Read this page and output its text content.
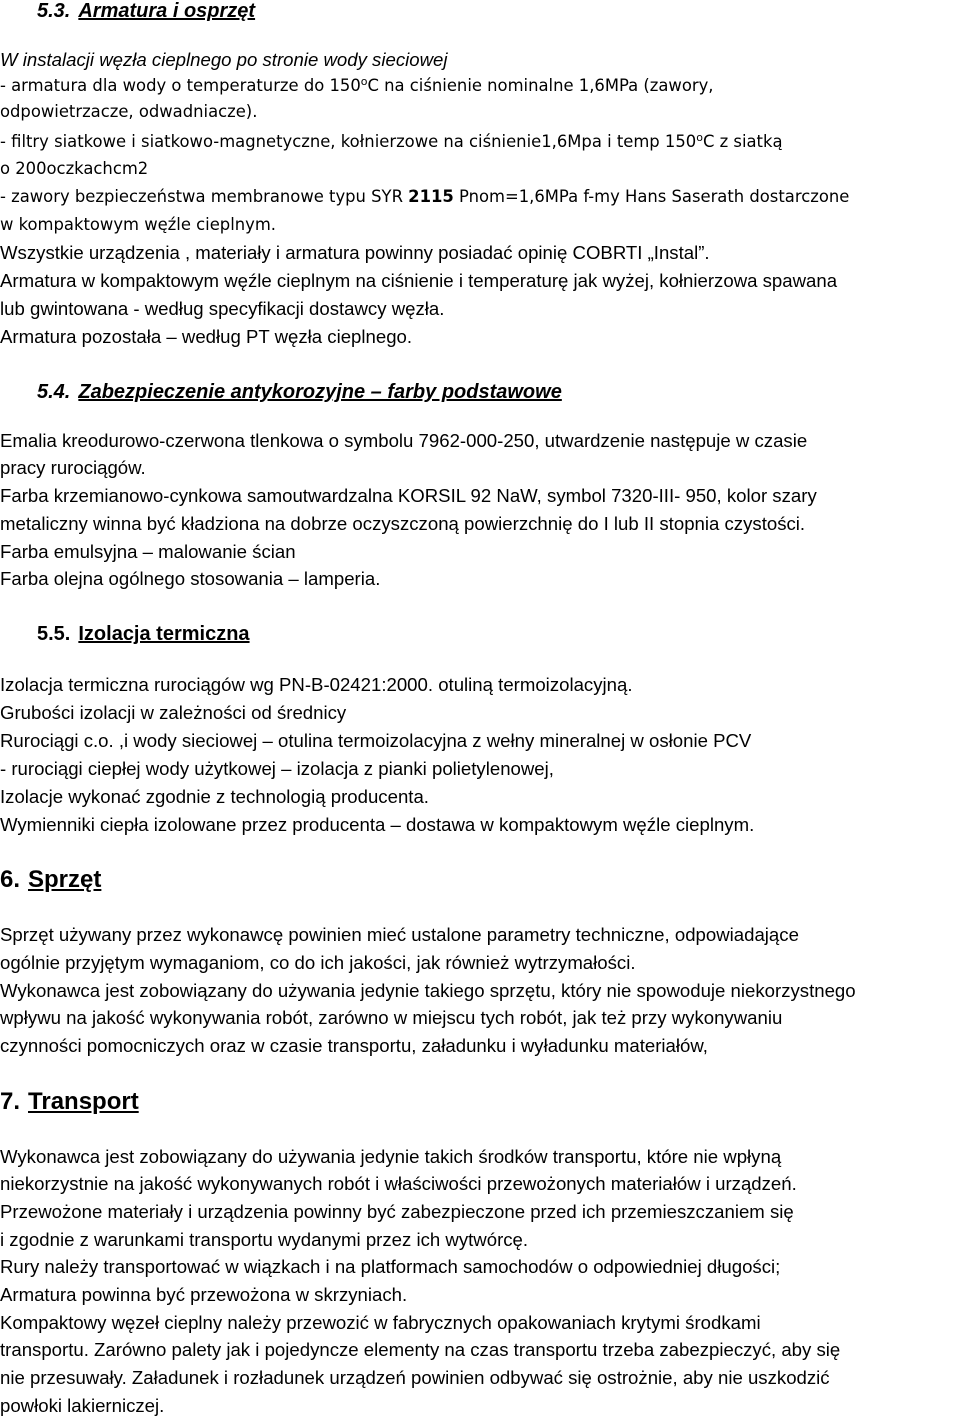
5.3. Armatura i osprzęt
W instalacji węzła cieplnego po stronie wody sieciowej
- armatura dla wody o temperaturze do 150$^o$C na ciśnienie nominalne 1,6MPa (zawory,
odpowietrzacze, odwadniacze).
- filtry siatkowe i siatkowo-magnetyczne, kołnierzowe na ciśnienie1,6Mpa i temp 150$^o$C z siatką
o 200oczkachcm2
- zawory bezpieczeństwa membranowe typu SYR 2115 Pnom=1,6MPa f-my Hans Saserath dostarczone
w kompaktowym węźle cieplnym.
Wszystkie urządzenia , materiały i armatura powinny posiadać opinię COBRTI „Instal”.
Armatura w kompaktowym węźle cieplnym na ciśnienie i temperaturę jak wyżej, kołnierzowa spawana
lub gwintowana - według specyfikacji dostawcy węzła.
Armatura pozostała – według PT węzła cieplnego.
5.4. Zabezpieczenie antykorozyjne – farby podstawowe
Emalia kreodurowo-czerwona tlenkowa o symbolu 7962-000-250, utwardzenie następuje w czasie
pracy rurociągów.
Farba krzemianowo-cynkowa samoutwardzalna KORSIL 92 NaW, symbol 7320-III- 950, kolor szary
metaliczny winna być kładziona na dobrze oczyszczoną powierzchnię do I lub II stopnia czystości.
Farba emulsyjna – malowanie ścian
Farba olejna ogólnego stosowania – lamperia.
5.5. Izolacja termiczna
Izolacja termiczna rurociągów wg PN-B-02421:2000. otuliną termoizolacyjną.
Grubości izolacji w zależności od średnicy
Rurociągi c.o. ,i wody sieciowej – otulina termoizolacyjna z wełny mineralnej w osłonie PCV
- rurociągi ciepłej wody użytkowej – izolacja z pianki polietylenowej,
Izolacje wykonać zgodnie z technologią producenta.
Wymienniki ciepła izolowane przez producenta – dostawa w kompaktowym węźle cieplnym.
6. Sprzęt
Sprzęt używany przez wykonawcę powinien mieć ustalone parametry techniczne, odpowiadające
ogólnie przyjętym wymaganiom, co do ich jakości, jak również wytrzymałości.
Wykonawca jest zobowiązany do używania jedynie takiego sprzętu, który nie spowoduje niekorzystnego
wpływu na jakość wykonywania robót, zarówno w miejscu tych robót, jak też przy wykonywaniu
czynności pomocniczych oraz w czasie transportu, załadunku i wyładunku materiałów,
7. Transport
Wykonawca jest zobowiązany do używania jedynie takich środków transportu, które nie wpłyną
niekorzystnie na jakość wykonywanych robót i właściwości przewożonych materiałów i urządzeń.
Przewożone materiały i urządzenia powinny być zabezpieczone przed ich przemieszczaniem się
i zgodnie z warunkami transportu wydanymi przez ich wytwórcę.
Rury należy transportować w wiązkach i na platformach samochodów o odpowiedniej długości;
Armatura powinna być przewożona w skrzyniach.
Kompaktowy węzeł cieplny należy przewozić w fabrycznych opakowaniach krytymi środkami
transportu. Zarówno palety jak i pojedyncze elementy na czas transportu trzeba zabezpieczyć, aby się
nie przesuwały. Załadunek i rozładunek urządzeń powinien odbywać się ostrożnie, aby nie uszkodzić
powłoki lakierniczej.
